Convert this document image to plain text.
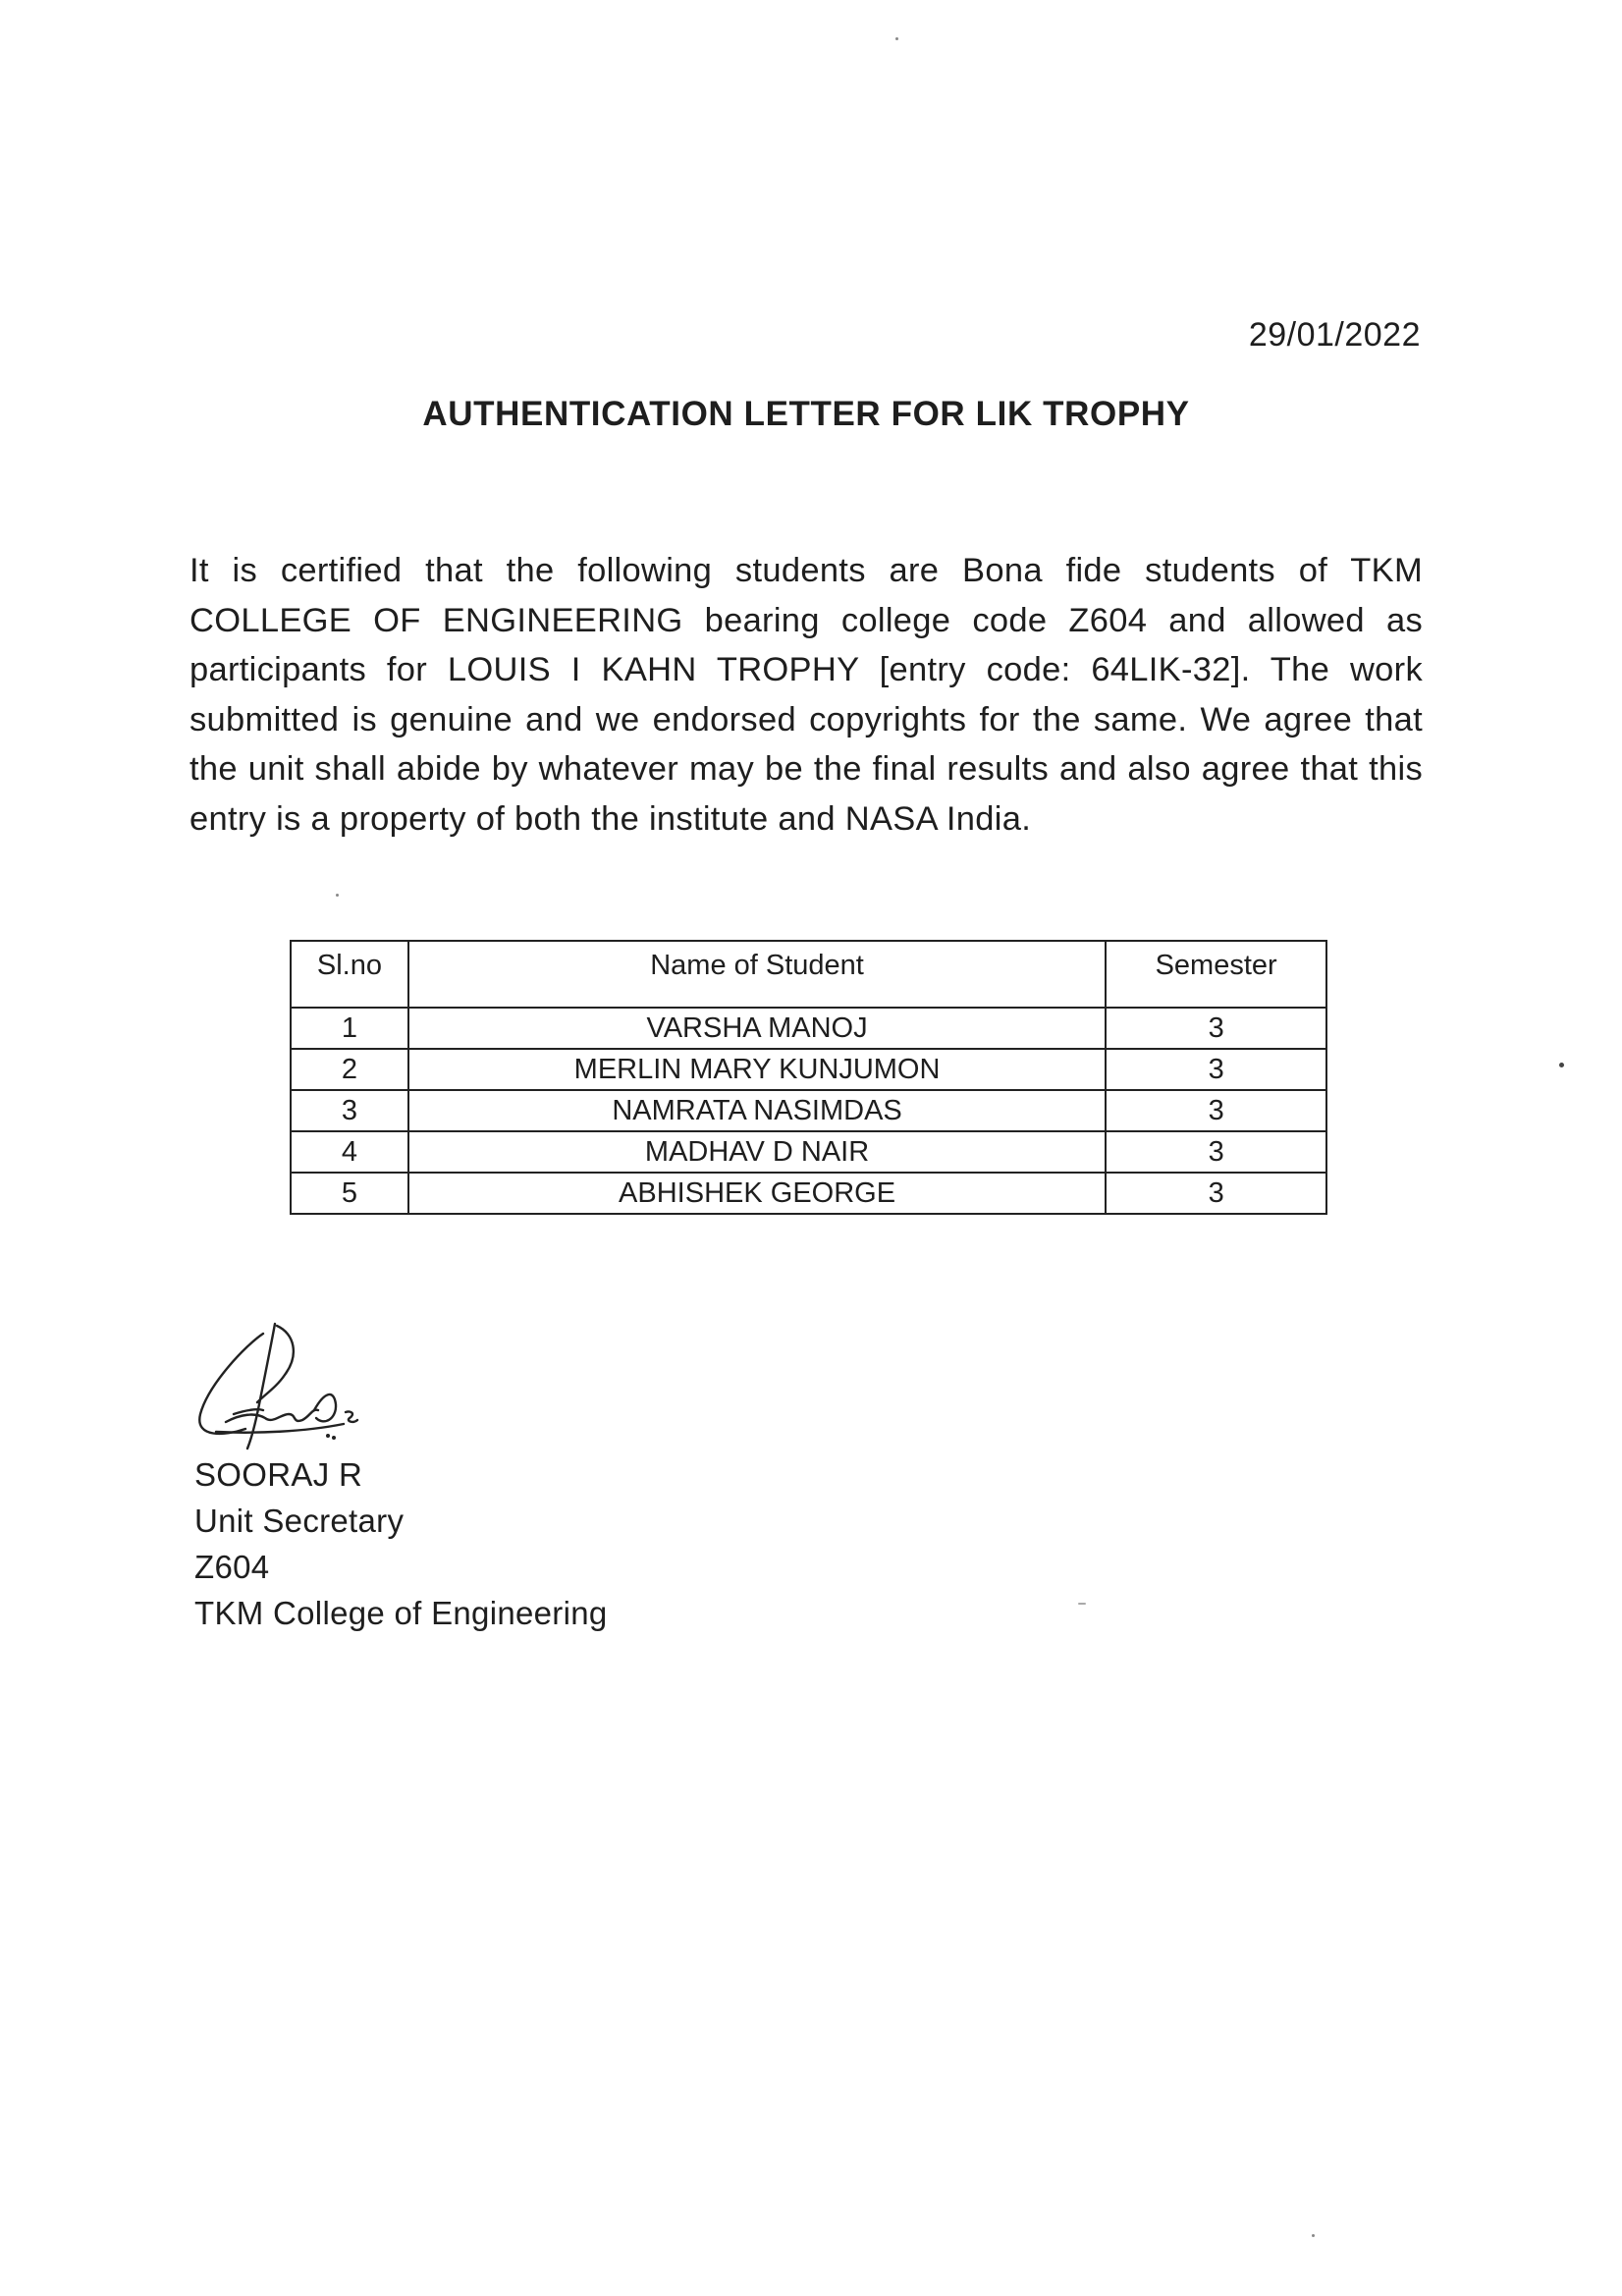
29/01/2022
AUTHENTICATION LETTER FOR LIK TROPHY
It is certified that the following students are Bona fide students of TKM COLLEGE OF ENGINEERING bearing college code Z604 and allowed as participants for LOUIS I KAHN TROPHY [entry code: 64LIK-32]. The work submitted is genuine and we endorsed copyrights for the same. We agree that the unit shall abide by whatever may be the final results and also agree that this entry is a property of both the institute and NASA India.
Sl.no	Name of Student	Semester
1	VARSHA MANOJ	3
2	MERLIN MARY KUNJUMON	3
3	NAMRATA NASIMDAS	3
4	MADHAV D NAIR	3
5	ABHISHEK GEORGE	3
SOORAJ R
Unit Secretary
Z604
TKM College of Engineering
